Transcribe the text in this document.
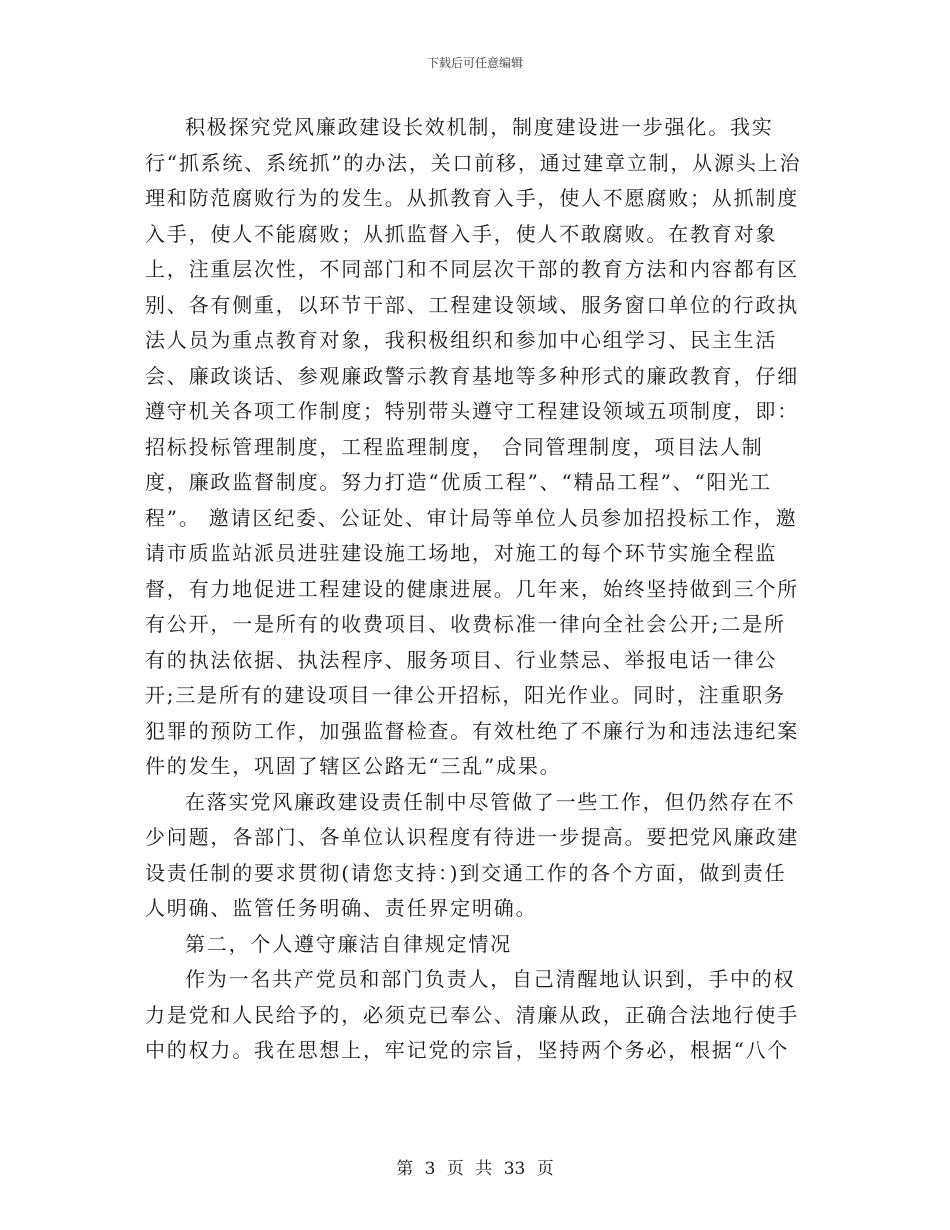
下载后可任意编辑

积极探究党风廉政建设长效机制，制度建设进一步强化。我实行“抓系统、系统抓”的办法，关口前移，通过建章立制，从源头上治理和防范腐败行为的发生。从抓教育入手，使人不愿腐败；从抓制度入手，使人不能腐败；从抓监督入手，使人不敢腐败。在教育对象上，注重层次性，不同部门和不同层次干部的教育方法和内容都有区别、各有侧重，以环节干部、工程建设领域、服务窗口单位的行政执法人员为重点教育对象，我积极组织和参加中心组学习、民主生活会、廉政谈话、参观廉政警示教育基地等多种形式的廉政教育，仔细遵守机关各项工作制度；特别带头遵守工程建设领域五项制度，即：招标投标管理制度，工程监理制度， 合同管理制度，项目法人制度，廉政监督制度。努力打造“优质工程”、“精品工程”、“阳光工程”。 邀请区纪委、公证处、审计局等单位人员参加招投标工作，邀请市质监站派员进驻建设施工场地，对施工的每个环节实施全程监督，有力地促进工程建设的健康进展。几年来，始终坚持做到三个所有公开，一是所有的收费项目、收费标准一律向全社会公开;二是所有的执法依据、执法程序、服务项目、行业禁忌、举报电话一律公开;三是所有的建设项目一律公开招标，阳光作业。同时，注重职务犯罪的预防工作，加强监督检查。有效杜绝了不廉行为和违法违纪案件的发生，巩固了辖区公路无“三乱”成果。

在落实党风廉政建设责任制中尽管做了一些工作，但仍然存在不少问题，各部门、各单位认识程度有待进一步提高。要把党风廉政建设责任制的要求贯彻(请您支持：)到交通工作的各个方面，做到责任人明确、监管任务明确、责任界定明确。

第二，个人遵守廉洁自律规定情况

作为一名共产党员和部门负责人，自己清醒地认识到，手中的权力是党和人民给予的，必须克已奉公、清廉从政，正确合法地行使手中的权力。我在思想上，牢记党的宗旨，坚持两个务必，根据“八个

第 3 页 共 33 页
